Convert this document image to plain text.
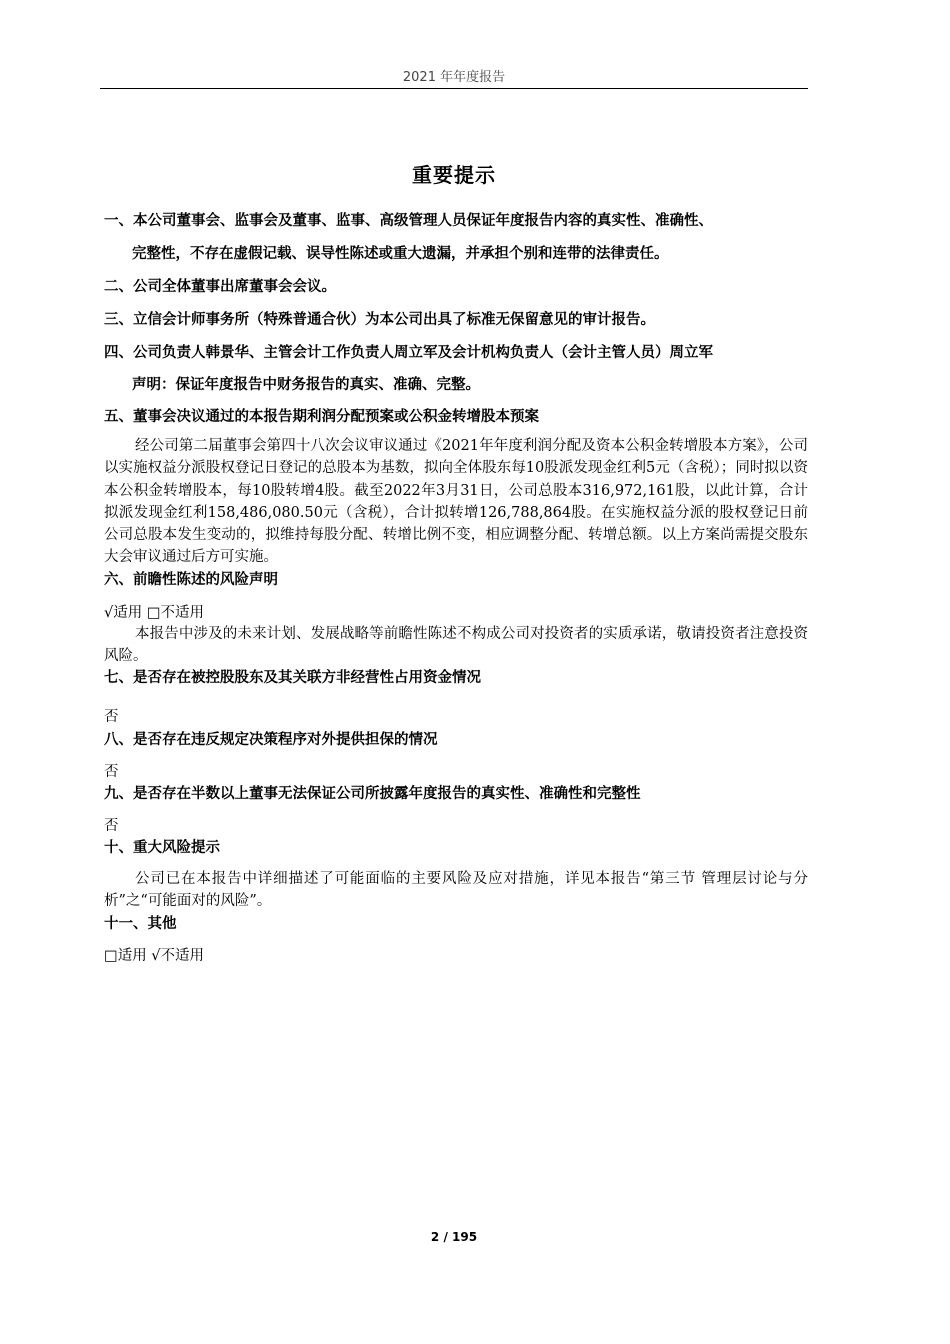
2021 年年度报告
重要提示
一、本公司董事会、监事会及董事、监事、高级管理人员保证年度报告内容的真实性、准确性、
完整性，不存在虚假记载、误导性陈述或重大遗漏，并承担个别和连带的法律责任。
二、公司全体董事出席董事会会议。
三、立信会计师事务所（特殊普通合伙）为本公司出具了标准无保留意见的审计报告。
四、公司负责人韩景华、主管会计工作负责人周立军及会计机构负责人（会计主管人员）周立军
声明：保证年度报告中财务报告的真实、准确、完整。
五、董事会决议通过的本报告期利润分配预案或公积金转增股本预案
经公司第二届董事会第四十八次会议审议通过《2021年年度利润分配及资本公积金转增股本方案》，公司以实施权益分派股权登记日登记的总股本为基数，拟向全体股东每10股派发现金红利5元（含税）；同时拟以资本公积金转增股本，每10股转增4股。截至2022年3月31日，公司总股本316,972,161股，以此计算，合计拟派发现金红利158,486,080.50元（含税），合计拟转增126,788,864股。在实施权益分派的股权登记日前公司总股本发生变动的，拟维持每股分配、转增比例不变，相应调整分配、转增总额。以上方案尚需提交股东大会审议通过后方可实施。
六、前瞻性陈述的风险声明
√适用 □不适用
本报告中涉及的未来计划、发展战略等前瞻性陈述不构成公司对投资者的实质承诺，敬请投资者注意投资风险。
七、是否存在被控股股东及其关联方非经营性占用资金情况
否
八、是否存在违反规定决策程序对外提供担保的情况
否
九、是否存在半数以上董事无法保证公司所披露年度报告的真实性、准确性和完整性
否
十、重大风险提示
公司已在本报告中详细描述了可能面临的主要风险及应对措施，详见本报告“第三节 管理层讨论与分析”之“可能面对的风险”。
十一、其他
□适用 √不适用
2 / 195
